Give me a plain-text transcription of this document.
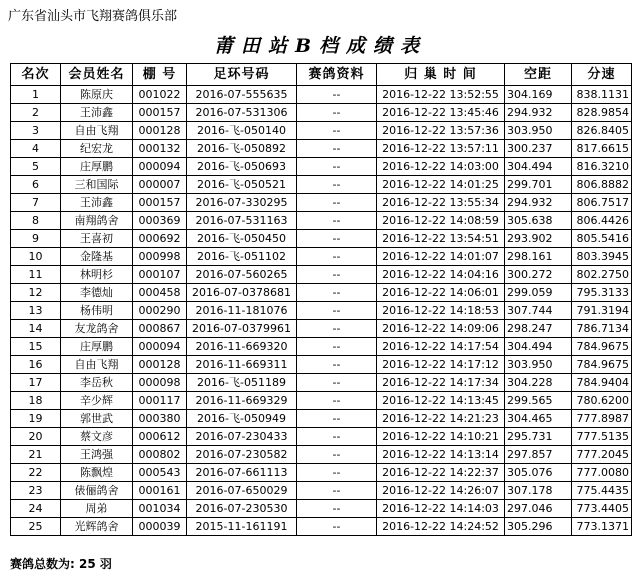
广东省汕头市飞翔赛鸽俱乐部
莆田站B档成绩表
名次	会员姓名	棚 号	足环号码	赛鸽资料	归 巢 时 间	空距	分速
1	陈原庆	001022	2016-07-555635	--	2016-12-22 13:52:55	304.169	838.1131
2	王沛鑫	000157	2016-07-531306	--	2016-12-22 13:45:46	294.932	828.9854
3	自由飞翔	000128	2016-飞-050140	--	2016-12-22 13:57:36	303.950	826.8405
4	纪宏龙	000132	2016-飞-050892	--	2016-12-22 13:57:11	300.237	817.6615
5	庄厚鹏	000094	2016-飞-050693	--	2016-12-22 14:03:00	304.494	816.3210
6	三和国际	000007	2016-飞-050521	--	2016-12-22 14:01:25	299.701	806.8882
7	王沛鑫	000157	2016-07-330295	--	2016-12-22 13:55:34	294.932	806.7517
8	南翔鸽舍	000369	2016-07-531163	--	2016-12-22 14:08:59	305.638	806.4426
9	王喜初	000692	2016-飞-050450	--	2016-12-22 13:54:51	293.902	805.5416
10	金隆基	000998	2016-飞-051102	--	2016-12-22 14:01:07	298.161	803.3945
11	林明杉	000107	2016-07-560265	--	2016-12-22 14:04:16	300.272	802.2750
12	李德灿	000458	2016-07-0378681	--	2016-12-22 14:06:01	299.059	795.3133
13	杨伟明	000290	2016-11-181076	--	2016-12-22 14:18:53	307.744	791.3194
14	友龙鸽舍	000867	2016-07-0379961	--	2016-12-22 14:09:06	298.247	786.7134
15	庄厚鹏	000094	2016-11-669320	--	2016-12-22 14:17:54	304.494	784.9675
16	自由飞翔	000128	2016-11-669311	--	2016-12-22 14:17:12	303.950	784.9675
17	李岳秋	000098	2016-飞-051189	--	2016-12-22 14:17:34	304.228	784.9404
18	辛少辉	000117	2016-11-669329	--	2016-12-22 14:13:45	299.565	780.6200
19	郭世武	000380	2016-飞-050949	--	2016-12-22 14:21:23	304.465	777.8987
20	蔡文彦	000612	2016-07-230433	--	2016-12-22 14:10:21	295.731	777.5135
21	王鸿强	000802	2016-07-230582	--	2016-12-22 14:13:14	297.857	777.2045
22	陈飘煌	000543	2016-07-661113	--	2016-12-22 14:22:37	305.076	777.0080
23	俵俪鸽舍	000161	2016-07-650029	--	2016-12-22 14:26:07	307.178	775.4435
24	周弟	001034	2016-07-230530	--	2016-12-22 14:14:03	297.046	773.4405
25	光辉鸽舍	000039	2015-11-161191	--	2016-12-22 14:24:52	305.296	773.1371
赛鸽总数为: 25 羽
